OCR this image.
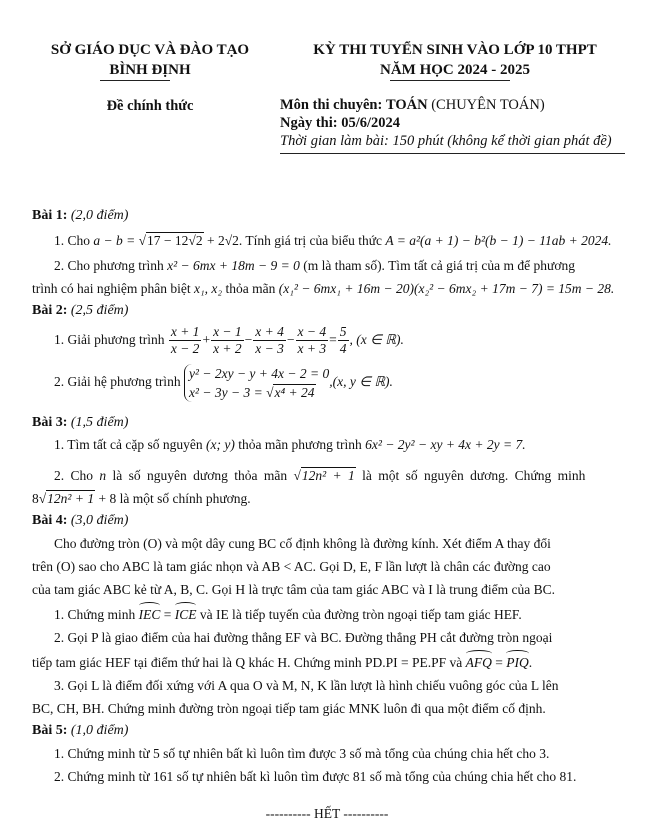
SỞ GIÁO DỤC VÀ ĐÀO TẠO
BÌNH ĐỊNH
Đề chính thức
KỲ THI TUYỂN SINH VÀO LỚP 10 THPT
NĂM HỌC 2024 - 2025
Môn thi chuyên: TOÁN (CHUYÊN TOÁN)
Ngày thi: 05/6/2024
Thời gian làm bài: 150 phút (không kể thời gian phát đề)
Bài 1: (2,0 điểm)
1. Cho a − b = √17 − 12√2 + 2√2. Tính giá trị của biểu thức A = a²(a + 1) − b²(b − 1) − 11ab + 2024.
2. Cho phương trình x² − 6mx + 18m − 9 = 0 (m là tham số). Tìm tất cả giá trị của m để phương
trình có hai nghiệm phân biệt x₁, x₂ thỏa mãn (x₁² − 6mx₁ + 16m − 20)(x₂² − 6mx₂ + 17m − 7) = 15m − 28.
Bài 2: (2,5 điểm)
1. Giải phương trình $\frac{x + 1}{x - 2} + \frac{x - 1}{x + 2} - \frac{x + 4}{x - 3} - \frac{x - 4}{x + 3} = \frac{5}{4}$ , (x ∈ ℝ).
2. Giải hệ phương trình
y² − 2xy − y + 4x − 2 = 0
x² − 3y − 3 = √x⁴ + 24
,(x, y ∈ ℝ).
Bài 3: (1,5 điểm)
1. Tìm tất cả cặp số nguyên (x; y) thỏa mãn phương trình 6x² − 2y² − xy + 4x + 2y = 7.
2. Cho n là số nguyên dương thỏa mãn √12n² + 1 là một số nguyên dương. Chứng minh
8√12n² + 1 + 8 là một số chính phương.
Bài 4: (3,0 điểm)
Cho đường tròn (O) và một dây cung BC cố định không là đường kính. Xét điểm A thay đổi
trên (O) sao cho ABC là tam giác nhọn và AB < AC. Gọi D, E, F lần lượt là chân các đường cao
của tam giác ABC kẻ từ A, B, C. Gọi H là trực tâm của tam giác ABC và I là trung điểm của BC.
1. Chứng minh IEC = ICE và IE là tiếp tuyến của đường tròn ngoại tiếp tam giác HEF.
2. Gọi P là giao điểm của hai đường thẳng EF và BC. Đường thẳng PH cắt đường tròn ngoại
tiếp tam giác HEF tại điểm thứ hai là Q khác H. Chứng minh PD.PI = PE.PF và AFQ = PIQ.
3. Gọi L là điểm đối xứng với A qua O và M, N, K lần lượt là hình chiếu vuông góc của L lên
BC, CH, BH. Chứng minh đường tròn ngoại tiếp tam giác MNK luôn đi qua một điểm cố định.
Bài 5: (1,0 điểm)
1. Chứng minh từ 5 số tự nhiên bất kì luôn tìm được 3 số mà tổng của chúng chia hết cho 3.
2. Chứng minh từ 161 số tự nhiên bất kì luôn tìm được 81 số mà tổng của chúng chia hết cho 81.
---------- HẾT ----------
